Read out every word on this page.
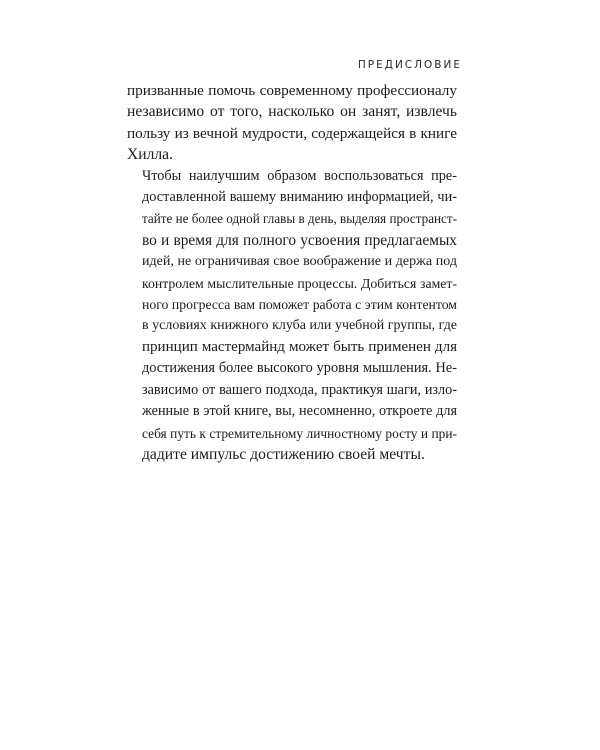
ПРЕДИСЛОВИЕ

призванные помочь современному профессионалу
независимо от того, насколько он занят, извлечь
пользу из вечной мудрости, содержащейся в книге
Хилла.

Чтобы наилучшим образом воспользоваться пре-
доставленной вашему вниманию информацией, чи-
тайте не более одной главы в день, выделяя пространст-
во и время для полного усвоения предлагаемых
идей, не ограничивая свое воображение и держа под
контролем мыслительные процессы. Добиться замет-
ного прогресса вам поможет работа с этим контентом
в условиях книжного клуба или учебной группы, где
принцип мастермайнд может быть применен для
достижения более высокого уровня мышления. Не-
зависимо от вашего подхода, практикуя шаги, изло-
женные в этой книге, вы, несомненно, откроете для
себя путь к стремительному личностному росту и при-
дадите импульс достижению своей мечты.
